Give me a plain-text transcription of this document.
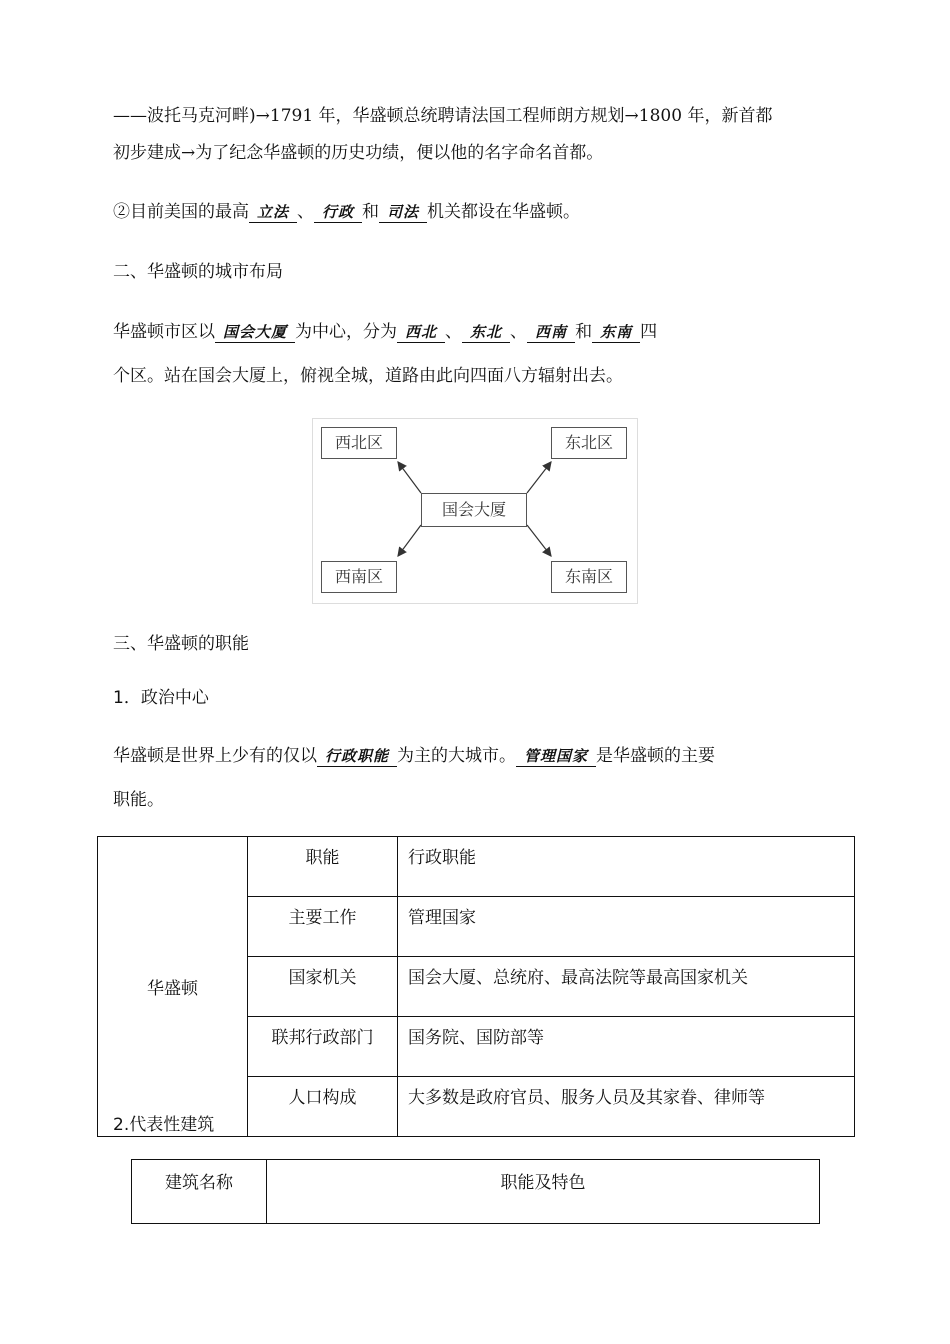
——波托马克河畔)→1791 年，华盛顿总统聘请法国工程师朗方规划→1800 年，新首都
初步建成→为了纪念华盛顿的历史功绩，便以他的名字命名首都。
②目前美国的最高 立法 、 行政 和 司法 机关都设在华盛顿。
二、华盛顿的城市布局
华盛顿市区以 国会大厦 为中心，分为 西北 、 东北 、 西南 和 东南 四
个区。站在国会大厦上，俯视全城，道路由此向四面八方辐射出去。
西北区	东北区
国会大厦
西南区	东南区
三、华盛顿的职能
1．政治中心
华盛顿是世界上少有的仅以 行政职能 为主的大城市。 管理国家 是华盛顿的主要
职能。
华盛顿	职能	行政职能
	主要工作	管理国家
	国家机关	国会大厦、总统府、最高法院等最高国家机关
	联邦行政部门	国务院、国防部等
	人口构成	大多数是政府官员、服务人员及其家眷、律师等
2.代表性建筑
建筑名称	职能及特色
